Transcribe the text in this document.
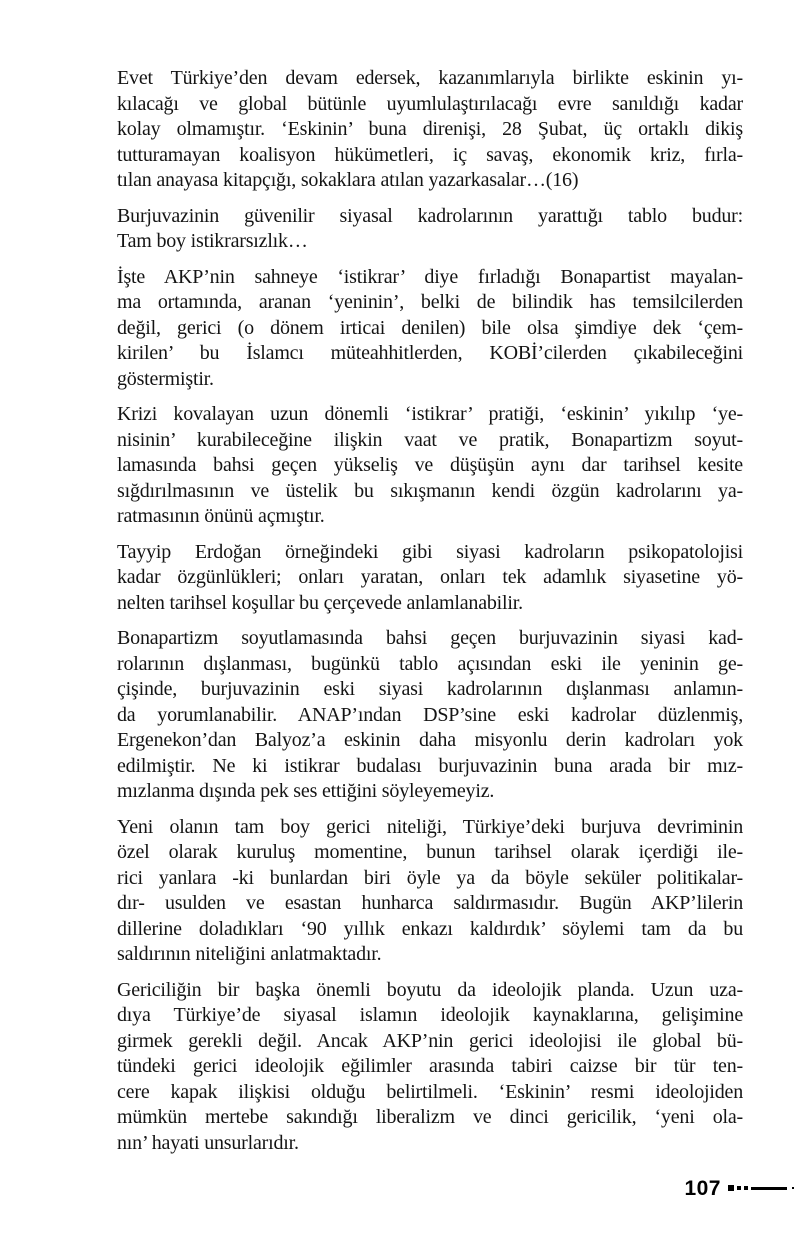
Evet Türkiye’den devam edersek, kazanımlarıyla birlikte eskinin yı-
kılacağı ve global bütünle uyumlulaştırılacağı evre sanıldığı kadar
kolay olmamıştır. ‘Eskinin’ buna direnişi, 28 Şubat, üç ortaklı dikiş
tutturamayan koalisyon hükümetleri, iç savaş, ekonomik kriz, fırla-
tılan anayasa kitapçığı, sokaklara atılan yazarkasalar…(16)

Burjuvazinin güvenilir siyasal kadrolarının yarattığı tablo budur:
Tam boy istikrarsızlık…

İşte AKP’nin sahneye ‘istikrar’ diye fırladığı Bonapartist mayalan-
ma ortamında, aranan ‘yeninin’, belki de bilindik has temsilcilerden
değil, gerici (o dönem irticai denilen) bile olsa şimdiye dek ‘çem-
kirilen’ bu İslamcı müteahhitlerden, KOBİ’cilerden çıkabileceğini
göstermiştir.

Krizi kovalayan uzun dönemli ‘istikrar’ pratiği, ‘eskinin’ yıkılıp ‘ye-
nisinin’ kurabileceğine ilişkin vaat ve pratik, Bonapartizm soyut-
lamasında bahsi geçen yükseliş ve düşüşün aynı dar tarihsel kesite
sığdırılmasının ve üstelik bu sıkışmanın kendi özgün kadrolarını ya-
ratmasının önünü açmıştır.

Tayyip Erdoğan örneğindeki gibi siyasi kadroların psikopatolojisi
kadar özgünlükleri; onları yaratan, onları tek adamlık siyasetine yö-
nelten tarihsel koşullar bu çerçevede anlamlanabilir.

Bonapartizm soyutlamasında bahsi geçen burjuvazinin siyasi kad-
rolarının dışlanması, bugünkü tablo açısından eski ile yeninin ge-
çişinde, burjuvazinin eski siyasi kadrolarının dışlanması anlamın-
da yorumlanabilir. ANAP’ından DSP’sine eski kadrolar düzlenmiş,
Ergenekon’dan Balyoz’a eskinin daha misyonlu derin kadroları yok
edilmiştir. Ne ki istikrar budalası burjuvazinin buna arada bir mız-
mızlanma dışında pek ses ettiğini söyleyemeyiz.

Yeni olanın tam boy gerici niteliği, Türkiye’deki burjuva devriminin
özel olarak kuruluş momentine, bunun tarihsel olarak içerdiği ile-
rici yanlara -ki bunlardan biri öyle ya da böyle seküler politikalar-
dır- usulden ve esastan hunharca saldırmasıdır. Bugün AKP’lilerin
dillerine doladıkları ‘90 yıllık enkazı kaldırdık’ söylemi tam da bu
saldırının niteliğini anlatmaktadır.

Gericiliğin bir başka önemli boyutu da ideolojik planda. Uzun uza-
dıya Türkiye’de siyasal islamın ideolojik kaynaklarına, gelişimine
girmek gerekli değil. Ancak AKP’nin gerici ideolojisi ile global bü-
tündeki gerici ideolojik eğilimler arasında tabiri caizse bir tür ten-
cere kapak ilişkisi olduğu belirtilmeli. ‘Eskinin’ resmi ideolojiden
mümkün mertebe sakındığı liberalizm ve dinci gericilik, ‘yeni ola-
nın’ hayati unsurlarıdır.

107
